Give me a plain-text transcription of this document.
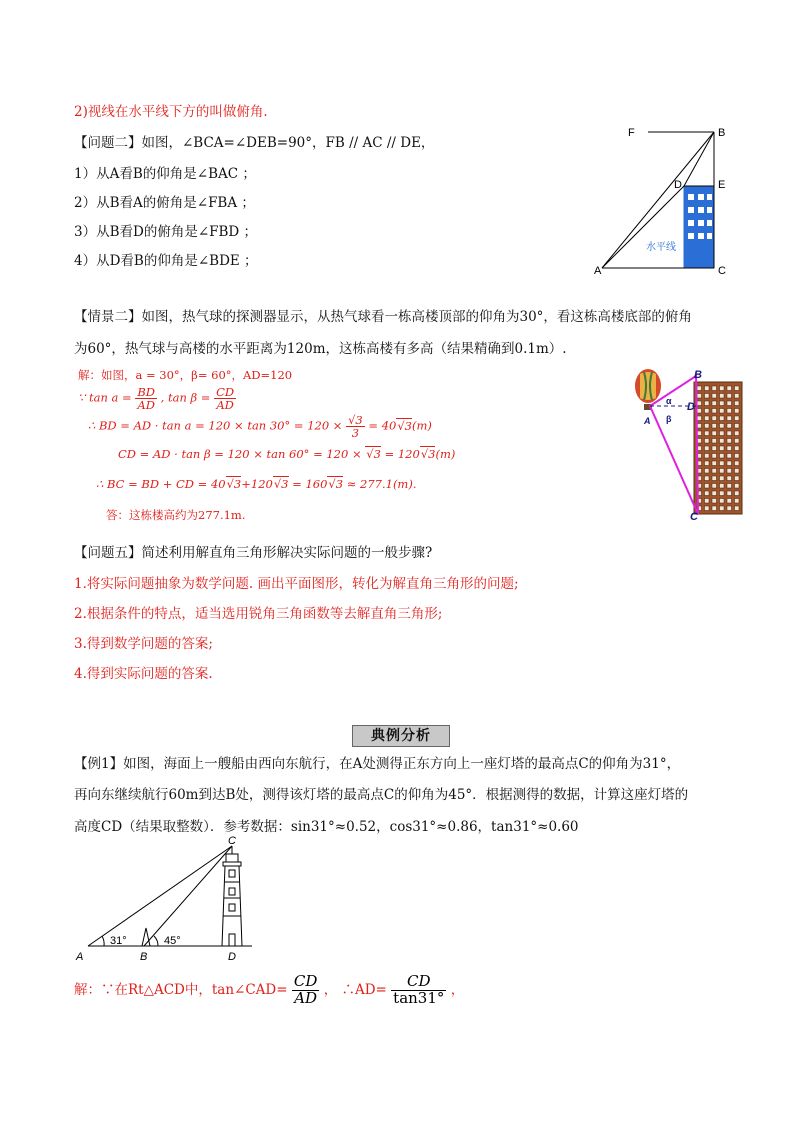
2)视线在水平线下方的叫做俯角.
【问题二】如图，∠BCA=∠DEB=90°，FB // AC // DE，
1）从A看B的仰角是∠BAC ；
2）从B看A的俯角是∠FBA ；
3）从B看D的俯角是∠FBD ；
4）从D看B的仰角是∠BDE ；
F	B
D	E
A	C
水平线
【情景二】如图，热气球的探测器显示，从热气球看一栋高楼顶部的仰角为30°，看这栋高楼底部的俯角
为60°，热气球与高楼的水平距离为120m，这栋高楼有多高（结果精确到0.1m）.
解：如图，a = 30°，β= 60°，AD=120
∵ $\tan a = \frac{BD}{AD}$ , $\tan \beta = \frac{CD}{AD}$
∴ BD = AD · $\tan a = 120 \times \tan 30^\circ = 120 \times \frac{√3}{3} = 40√3(m)$
CD = AD · tan β = 120 × tan 60° = 120 × √3 = 120√3(m)
∴ BC = BD + CD = 40√3+120√3 = 160√3 ≈ 277.1(m).
答：这栋楼高约为277.1m.
B
A
D
C
α
β
【问题五】简述利用解直角三角形解决实际问题的一般步骤?
1.将实际问题抽象为数学问题. 画出平面图形，转化为解直角三角形的问题;
2.根据条件的特点，适当选用锐角三角函数等去解直角三角形;
3.得到数学问题的答案;
4.得到实际问题的答案.
典例分析
【例1】如图，海面上一艘船由西向东航行，在A处测得正东方向上一座灯塔的最高点C的仰角为31°，
再向东继续航行60m到达B处，测得该灯塔的最高点C的仰角为45°．根据测得的数据，计算这座灯塔的
高度CD（结果取整数）．参考数据：sin31°≈0.52，cos31°≈0.86，tan31°≈0.60
C
A	B	D
31°	45°
解：∵在Rt△ACD中，tan∠CAD= $\frac{CD}{AD}$ ， ∴AD= $\frac{CD}{\tan 31^\circ}$ ，
